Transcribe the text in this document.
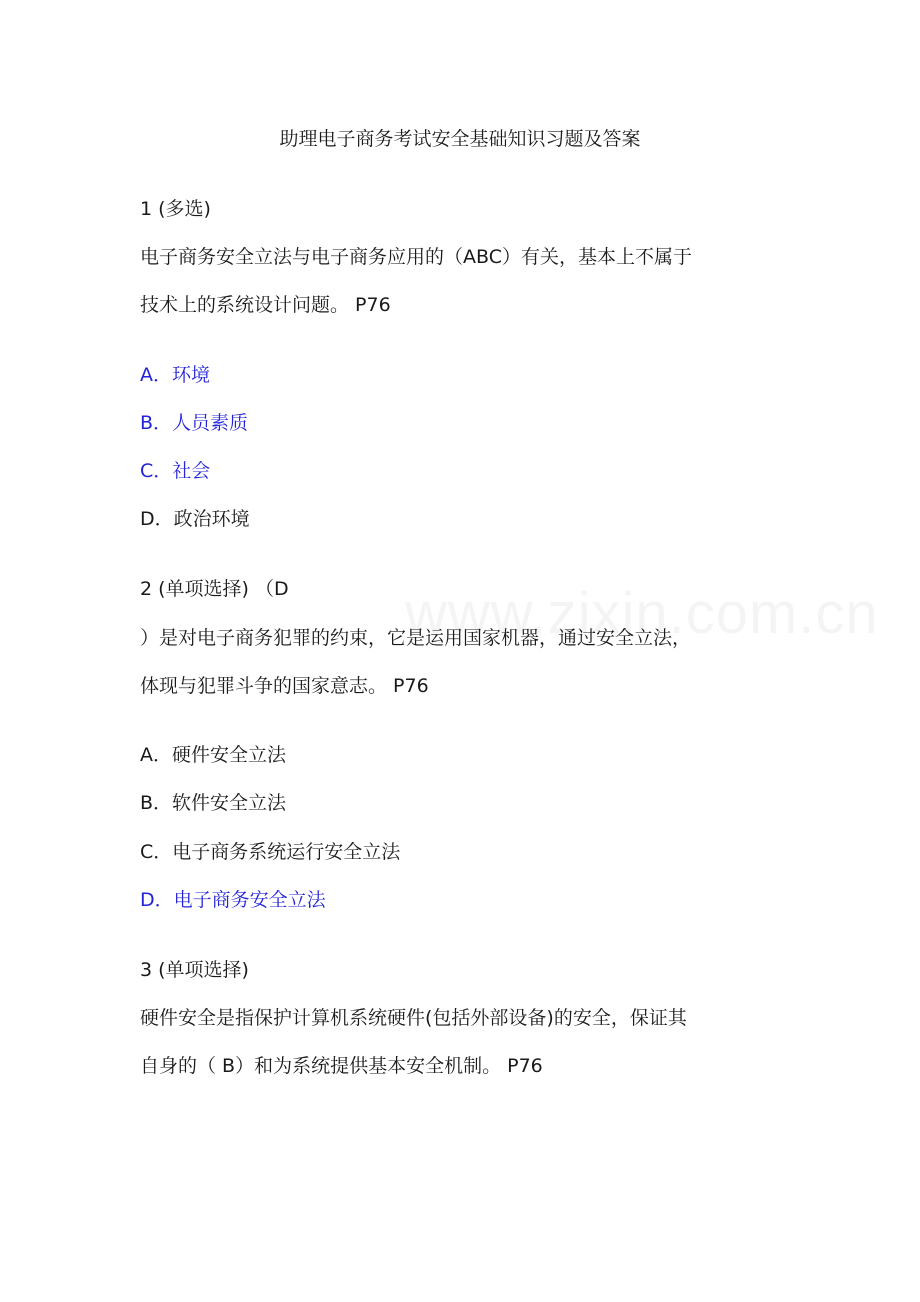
助理电子商务考试安全基础知识习题及答案
1 (多选)
电子商务安全立法与电子商务应用的（ABC）有关，基本上不属于
技术上的系统设计问题。 P76
A．环境
B．人员素质
C．社会
D．政治环境
2 (单项选择) （D
）是对电子商务犯罪的约束，它是运用国家机器，通过安全立法，
体现与犯罪斗争的国家意志。 P76
A．硬件安全立法
B．软件安全立法
C．电子商务系统运行安全立法
D．电子商务安全立法
3 (单项选择)
硬件安全是指保护计算机系统硬件(包括外部设备)的安全，保证其
自身的（ B）和为系统提供基本安全机制。 P76
